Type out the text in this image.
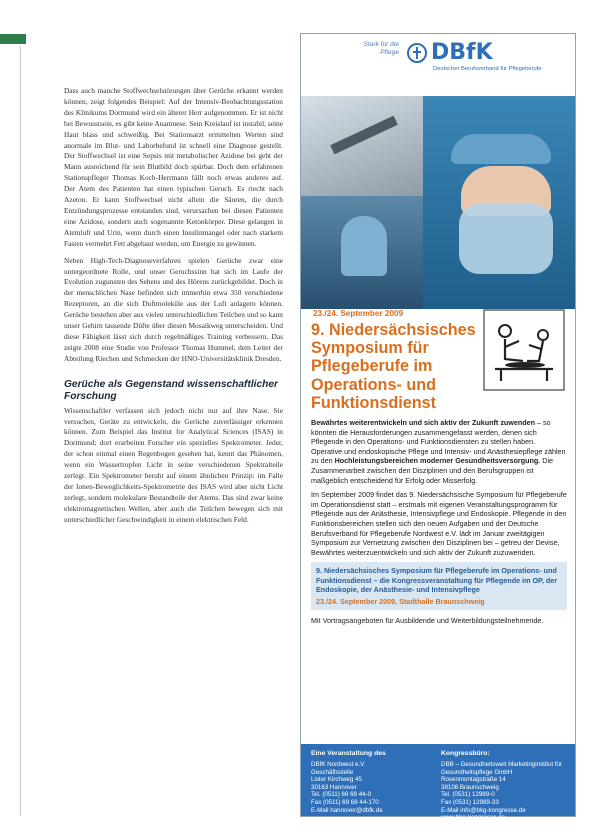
Dass auch manche Stoffwechselstörungen über Gerüche erkannt werden können, zeigt folgendes Beispiel: Auf der Intensiv-Beobachtungsstation des Klinikums Dortmund wird ein älterer Herr aufgenommen. Er ist nicht bei Bewusstsein, es gibt keine Anamnese. Sein Kreislauf ist instabil, seine Haut blass und schweißig. Bei Stationsarzt ermittelten Werten sind anormale im Blut- und Laborbefund ist schnell eine Diagnose gestellt. Der Stoffwechsel ist eine Sepsis mit metabolischer Azidose bei geht der Mann ausreichend für sein Blutbild doch spürbar. Doch dem erfahrenen Stationspfleger Thomas Koch-Herrmann fällt noch etwas anderes auf. Der Atem des Patienten hat einen typischen Geruch. Es riecht nach Azeton. Er kann Stoffwechsel nicht allein die Säuren, die durch Entzündungsprozesse entstanden sind, verursachen bei diesen Patienten eine Azidose, sondern auch sogenannte Ketonkörper. Diese gelangen in Atemluft und Urin, wenn durch einen Insulinmangel oder nach starkem Fasten vermehrt Fett abgebaut werden, um Energie zu gewinnen.

Neben High-Tech-Diagnoseverfahren spielen Gerüche zwar eine untergeordnete Rolle, und unser Geruchssinn hat sich im Laufe der Evolution zugunsten des Sehens und des Hörens zurückgebildet. Doch in der menschlichen Nase befinden sich immerhin etwa 350 verschiedene Rezeptoren, an die sich Duftmoleküle aus der Luft anlagern können. Gerüche bestehen aber aus vielen unterschiedlichen Teilchen und so kann unser Gehirn tausende Düfte über diesen Mosaikweg unterscheiden. Und diese Fähigkeit lässt sich durch regelmäßiges Training verbessern. Das zeigte 2008 eine Studie von Professor Thomas Hummel, dem Leiter der Abteilung Riechen und Schmecken der HNO-Universitätsklinik Dresden.

Gerüche als Gegenstand wissenschaftlicher Forschung

Wissenschaftler verfassen sich jedoch nicht nur auf ihre Nase. Sie versuchen, Geräte zu entwickeln, die Gerüche zuverlässiger erkennen können. Zum Beispiel das Institut for Analytical Sciences (ISAS) in Dortmund; dort erarbeiten Forscher ein spezielles Spektrometer. Jeder, der schon einmal einen Regenbogen gesehen hat, kennt das Phänomen, wenn ein Wassertropfen Licht in seine verschiedenen Spektralteile zerlegt. Ein Spektrometer beruht auf einem ähnlichen Prinzip: im Falle der Ionen-Beweglichkeits-Spektrometrie des ISAS wird aber nicht Licht zerlegt, sondern molekulare Bestandteile der Atems. Das sind zwar keine elektromagnetischen Wellen, aber auch die Teilchen bewegen sich mit unterschiedlicher Geschwindigkeit in einem elektrischen Feld.

Stark für die Pflege DBfK
Deutscher Berufsverband für Pflegeberufe
23./24. September 2009
9. Niedersächsisches Symposium für Pflegeberufe im Operations- und Funktionsdienst

Bewährtes weiterentwickeln und sich aktiv der Zukunft zuwenden – so könnten die Herausforderungen zusammengefasst werden, denen sich Pflegende in den Operations- und Funktionsdiensten zu stellen haben. Operative und endoskopische Pflege und Intensiv- und Anästhesiepflege zählen zu den Hochleistungsbereichen moderner Gesundheitsversorgung. Die Zusammenarbeit zwischen den Disziplinen und den Berufsgruppen ist maßgeblich entscheidend für Erfolg oder Misserfolg.

Im September 2009 findet das 9. Niedersächsische Symposium für Pflegeberufe im Operationsdienst statt – erstmals mit eigenen Veranstaltungsprogramm für Pflegende aus der Anästhesie, Intensivpflege und Endoskopie. Pflegende in den Funktionsbereichen stellen sich den neuen Aufgaben und der Deutsche Berufsverband für Pflegeberufe Nordwest e.V. lädt im Januar zweitägigen Symposium zur Vernetzung zwischen den Disziplinen bei – getreu der Devise, Bewährtes weiterzuentwickeln und sich aktiv der Zukunft zuzuwenden.

9. Niedersächsisches Symposium für Pflegeberufe im Operations- und Funktionsdienst – die Kongressveranstaltung für Pflegende im OP, der Endoskopie, der Anästhesie- und Intensivpflege

23./24. September 2009, Stadthalle Braunschweig

Mit Vortragsangeboten für Ausbildende und Weiterbildungsteilnehmende.

Eine Veranstaltung des
DBfK Nordwest e.V.
Geschäftsstelle
Lister Kirchweg 45
30163 Hannover
Tel. (0511) 69 68 44-0
Fax (0511) 69 68 44-170
E-Mail hannover@dbfk.de
Kongressbüro:
DBB – Gesundheitsweit Marketinginstitut für Gesundheitspflege GmbH
Rosenmontagstraße 14
38106 Braunschweig
Tel. (0531) 12989-0
Fax (0531) 12989-33
E-Mail info@bkg-kongresse.de
www.bkg-kongresse.de
